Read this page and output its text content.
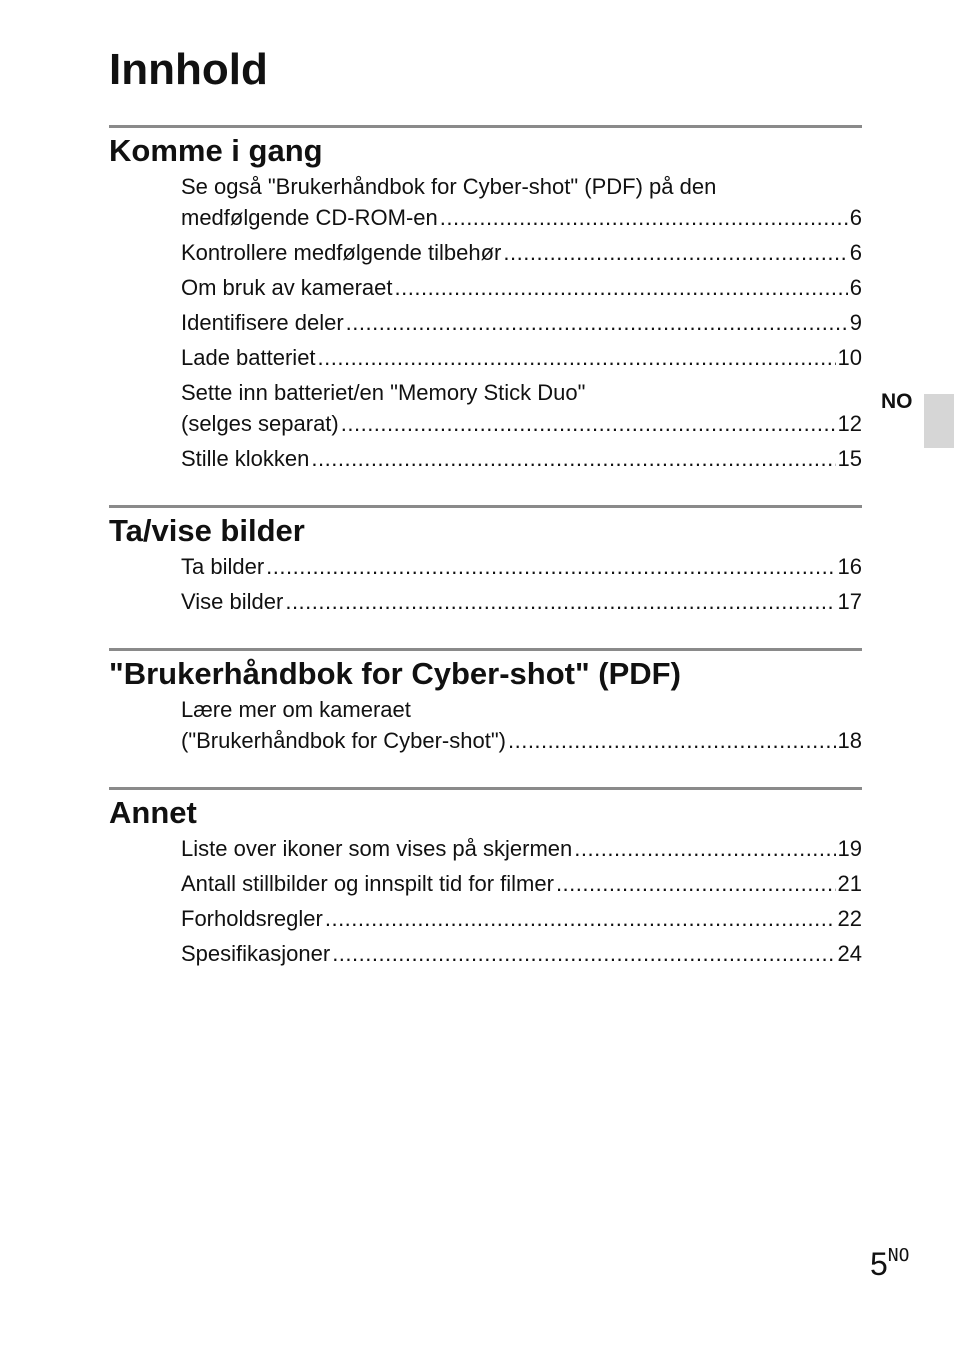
Innhold
NO
Komme i gang
Se også "Brukerhåndbok for Cyber-shot" (PDF) på den
medfølgende CD-ROM-en .....	6
Kontrollere medfølgende tilbehør .....	6
Om bruk av kameraet .....	6
Identifisere deler .....	9
Lade batteriet .....	10
Sette inn batteriet/en "Memory Stick Duo"
(selges separat) .....	12
Stille klokken .....	15
Ta/vise bilder
Ta bilder .....	16
Vise bilder .....	17
"Brukerhåndbok for Cyber-shot" (PDF)
Lære mer om kameraet
("Brukerhåndbok for Cyber-shot") .....	18
Annet
Liste over ikoner som vises på skjermen .....	19
Antall stillbilder og innspilt tid for filmer .....	21
Forholdsregler .....	22
Spesifikasjoner .....	24
$5^{NO}$
